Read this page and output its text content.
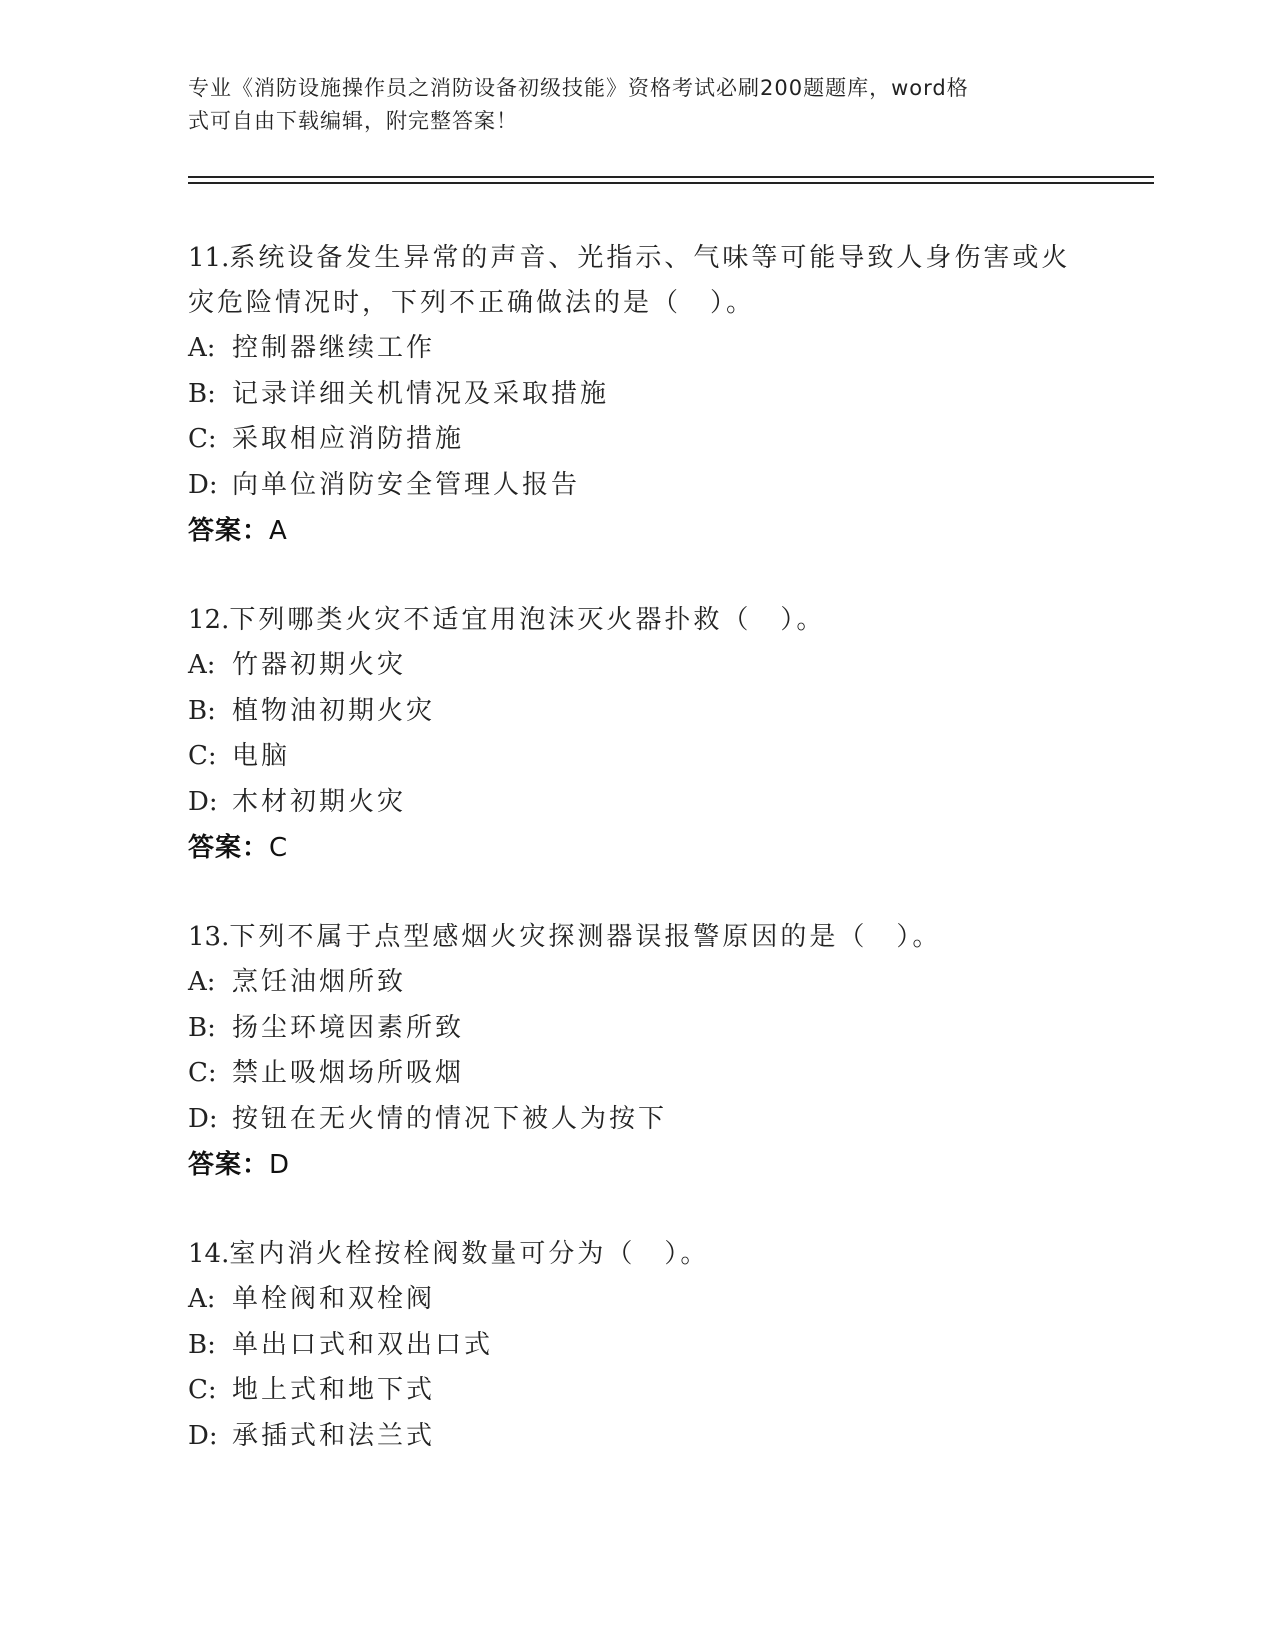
专业《消防设施操作员之消防设备初级技能》资格考试必刷200题题库，word格
式可自由下载编辑，附完整答案！
11.系统设备发生异常的声音、光指示、气味等可能导致人身伤害或火
灾危险情况时，下列不正确做法的是（　）。
A: 控制器继续工作
B: 记录详细关机情况及采取措施
C: 采取相应消防措施
D: 向单位消防安全管理人报告
答案：A
12.下列哪类火灾不适宜用泡沫灭火器扑救（　）。
A: 竹器初期火灾
B: 植物油初期火灾
C: 电脑
D: 木材初期火灾
答案：C
13.下列不属于点型感烟火灾探测器误报警原因的是（　）。
A: 烹饪油烟所致
B: 扬尘环境因素所致
C: 禁止吸烟场所吸烟
D: 按钮在无火情的情况下被人为按下
答案：D
14.室内消火栓按栓阀数量可分为（　）。
A: 单栓阀和双栓阀
B: 单出口式和双出口式
C: 地上式和地下式
D: 承插式和法兰式
